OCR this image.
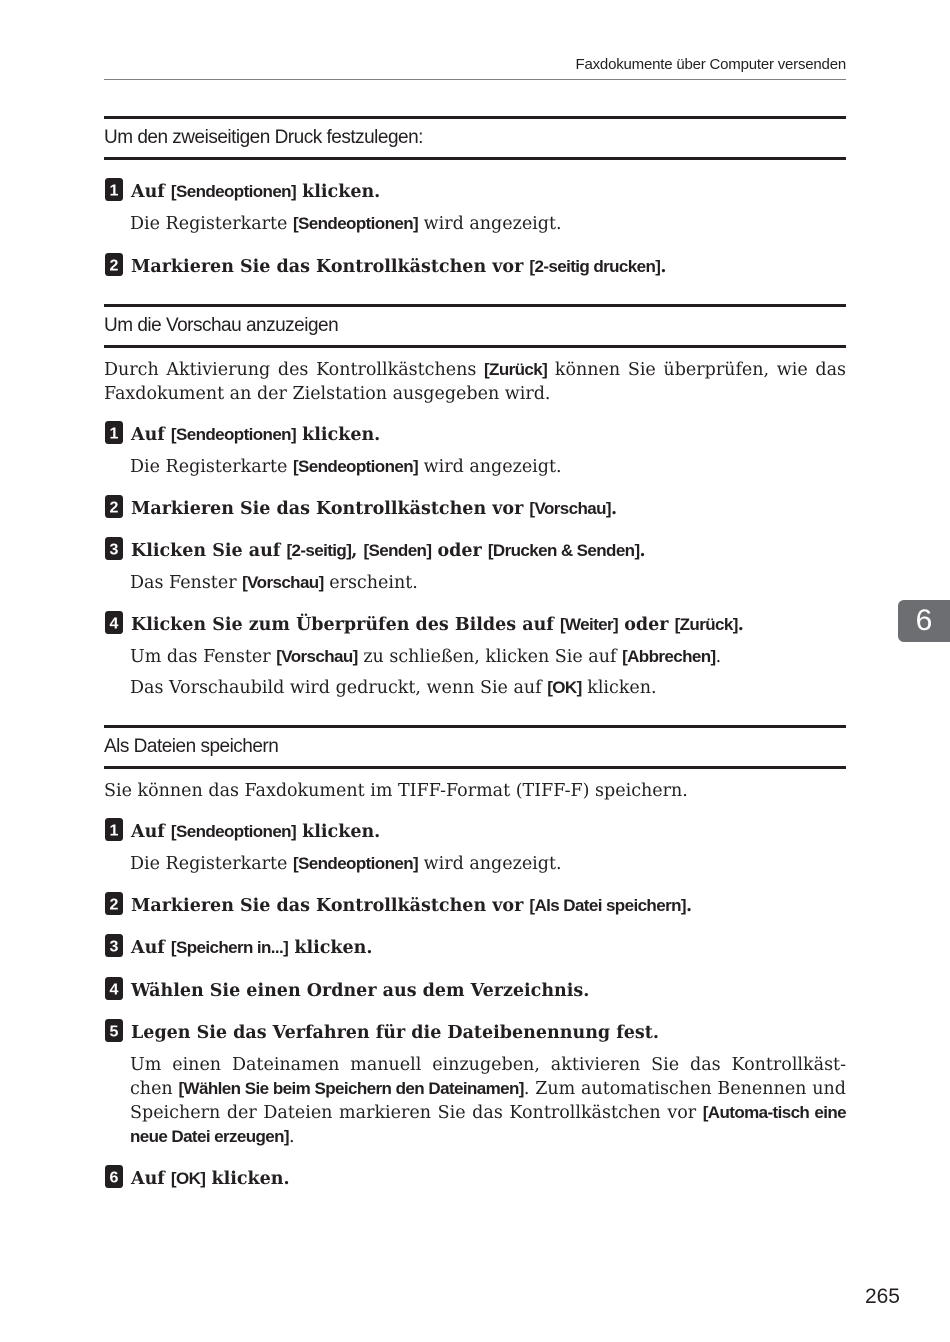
Faxdokumente über Computer versenden
Um den zweiseitigen Druck festzulegen:
1 Auf [Sendeoptionen] klicken.
Die Registerkarte [Sendeoptionen] wird angezeigt.
2 Markieren Sie das Kontrollkästchen vor [2-seitig drucken].
Um die Vorschau anzuzeigen
Durch Aktivierung des Kontrollkästchens [Zurück] können Sie überprüfen, wie das Faxdokument an der Zielstation ausgegeben wird.
1 Auf [Sendeoptionen] klicken.
Die Registerkarte [Sendeoptionen] wird angezeigt.
2 Markieren Sie das Kontrollkästchen vor [Vorschau].
3 Klicken Sie auf [2-seitig], [Senden] oder [Drucken & Senden].
Das Fenster [Vorschau] erscheint.
4 Klicken Sie zum Überprüfen des Bildes auf [Weiter] oder [Zurück].
Um das Fenster [Vorschau] zu schließen, klicken Sie auf [Abbrechen].
Das Vorschaubild wird gedruckt, wenn Sie auf [OK] klicken.
Als Dateien speichern
Sie können das Faxdokument im TIFF-Format (TIFF-F) speichern.
1 Auf [Sendeoptionen] klicken.
Die Registerkarte [Sendeoptionen] wird angezeigt.
2 Markieren Sie das Kontrollkästchen vor [Als Datei speichern].
3 Auf [Speichern in...] klicken.
4 Wählen Sie einen Ordner aus dem Verzeichnis.
5 Legen Sie das Verfahren für die Dateibenennung fest.
Um einen Dateinamen manuell einzugeben, aktivieren Sie das Kontrollkäst-chen [Wählen Sie beim Speichern den Dateinamen]. Zum automatischen Benennen und Speichern der Dateien markieren Sie das Kontrollkästchen vor [Automa-tisch eine neue Datei erzeugen].
6 Auf [OK] klicken.
6
265
